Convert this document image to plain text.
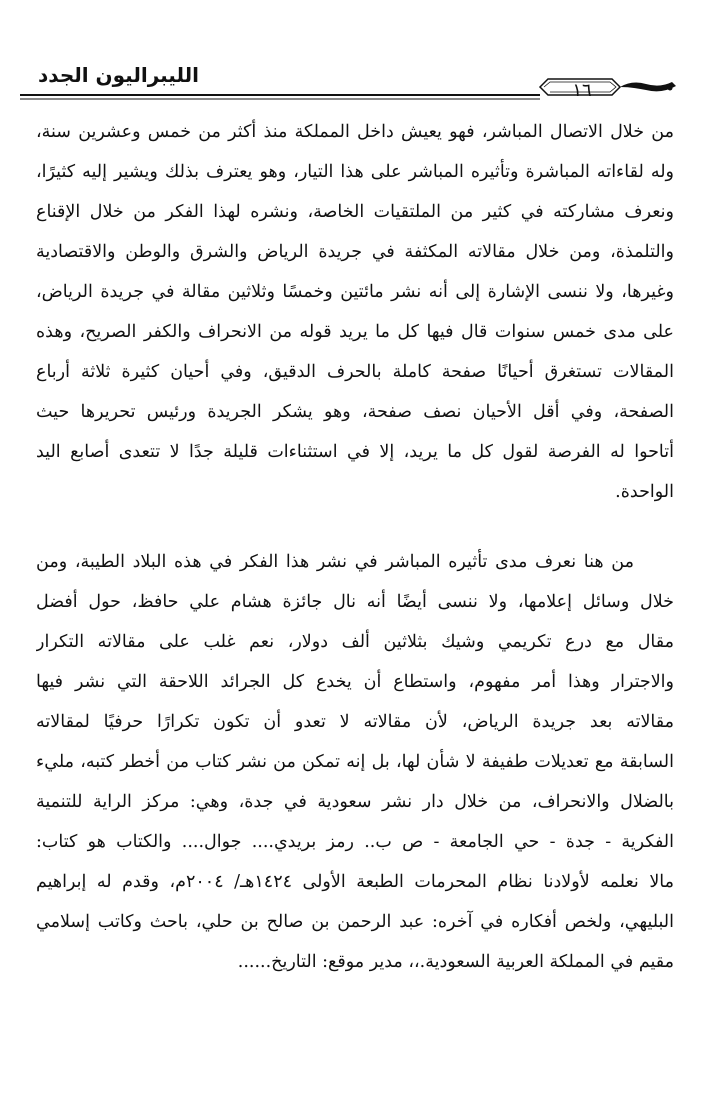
الليبراليون الجدد
١٦
من خلال الاتصال المباشر، فهو يعيش داخل المملكة منذ أكثر من خمس وعشرين سنة،
وله لقاءاته المباشرة وتأثيره المباشر على هذا التيار، وهو يعترف بذلك ويشير إليه كثيرًا،
ونعرف مشاركته في كثير من الملتقيات الخاصة، ونشره لهذا الفكر من خلال الإقناع
والتلمذة، ومن خلال مقالاته المكثفة في جريدة الرياض والشرق والوطن والاقتصادية
وغيرها، ولا ننسى الإشارة إلى أنه نشر مائتين وخمسًا وثلاثين مقالة في جريدة الرياض،
على مدى خمس سنوات قال فيها كل ما يريد قوله من الانحراف والكفر الصريح، وهذه
المقالات تستغرق أحيانًا صفحة كاملة بالحرف الدقيق، وفي أحيان كثيرة ثلاثة أرباع
الصفحة، وفي أقل الأحيان نصف صفحة، وهو يشكر الجريدة ورئيس تحريرها حيث
أتاحوا له الفرصة لقول كل ما يريد، إلا في استثناءات قليلة جدًا لا تتعدى أصابع اليد
الواحدة.
من هنا نعرف مدى تأثيره المباشر في نشر هذا الفكر في هذه البلاد الطيبة، ومن
خلال وسائل إعلامها، ولا ننسى أيضًا أنه نال جائزة هشام علي حافظ، حول أفضل
مقال مع درع تكريمي وشيك بثلاثين ألف دولار، نعم غلب على مقالاته التكرار
والاجترار وهذا أمر مفهوم، واستطاع أن يخدع كل الجرائد اللاحقة التي نشر فيها
مقالاته بعد جريدة الرياض، لأن مقالاته لا تعدو أن تكون تكرارًا حرفيًا لمقالاته
السابقة مع تعديلات طفيفة لا شأن لها، بل إنه تمكن من نشر كتاب من أخطر كتبه، مليء
بالضلال والانحراف، من خلال دار نشر سعودية في جدة، وهي: مركز الراية للتنمية
الفكرية - جدة - حي الجامعة - ص ب.. رمز بريدي.... جوال.... والكتاب هو كتاب:
مالا نعلمه لأولادنا نظام المحرمات الطبعة الأولى ١٤٢٤هـ/ ٢٠٠٤م، وقدم له إبراهيم
البليهي، ولخص أفكاره في آخره: عبد الرحمن بن صالح بن حلي، باحث وكاتب إسلامي
مقيم في المملكة العربية السعودية.،، مدير موقع: التاريخ......
